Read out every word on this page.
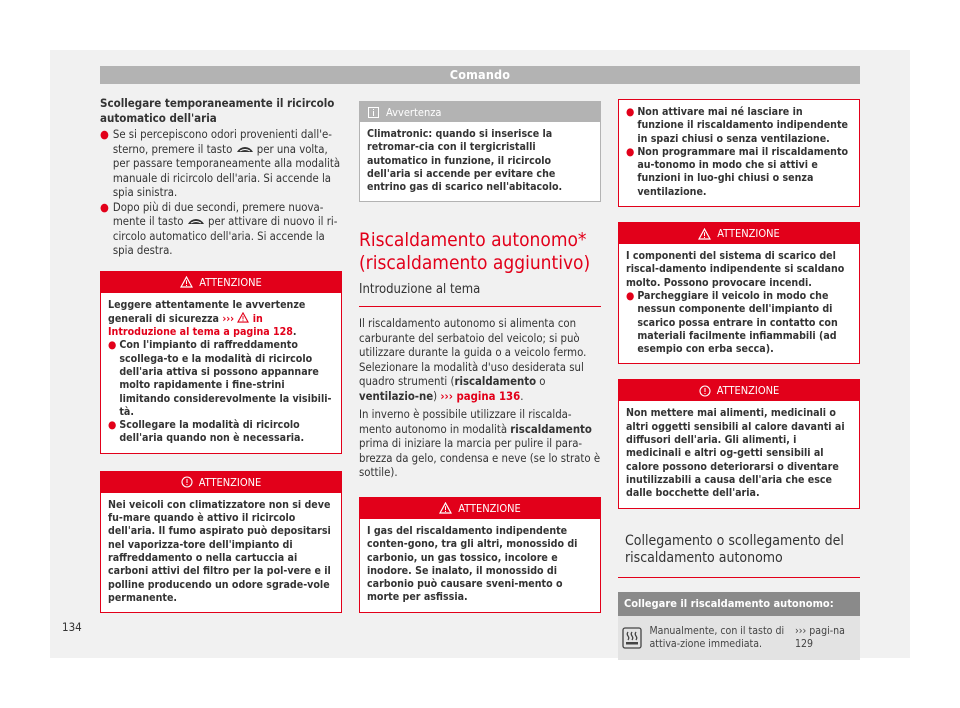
Comando

Scollegare temporaneamente il ricircolo automatico dell'aria

● Se si percepiscono odori provenienti dall'e-sterno, premere il tasto per una volta, per passare temporaneamente alla modalità manuale di ricircolo dell'aria. Si accende la spia sinistra.
● Dopo più di due secondi, premere nuova-mente il tasto per attivare di nuovo il ri-circolo automatico dell'aria. Si accende la spia destra.
ATTENZIONE
Leggere attentamente le avvertenze generali di sicurezza ››› in Introduzione al tema a pagina 128.
● Con l'impianto di raffreddamento scollega-to e la modalità di ricircolo dell'aria attiva si possono appannare molto rapidamente i fine-strini limitando considerevolmente la visibili-tà.
● Scollegare la modalità di ricircolo dell'aria quando non è necessaria.
ATTENZIONE
Nei veicoli con climatizzatore non si deve fu-mare quando è attivo il ricircolo dell'aria. Il fumo aspirato può depositarsi nel vaporizza-tore dell'impianto di raffreddamento o nella cartuccia ai carboni attivi del filtro per la pol-vere e il polline producendo un odore sgrade-vole permanente.
Avvertenza
Climatronic: quando si inserisce la retromar-cia con il tergicristalli automatico in funzione, il ricircolo dell'aria si accende per evitare che entrino gas di scarico nell'abitacolo.

Riscaldamento autonomo* (riscaldamento aggiuntivo)

Introduzione al tema

Il riscaldamento autonomo si alimenta con carburante del serbatoio del veicolo; si può utilizzare durante la guida o a veicolo fermo. Selezionare la modalità d'uso desiderata sul quadro strumenti (riscaldamento o ventilazio-ne) ››› pagina 136.

In inverno è possibile utilizzare il riscalda-mento autonomo in modalità riscaldamento prima di iniziare la marcia per pulire il para-brezza da gelo, condensa e neve (se lo strato è sottile).

ATTENZIONE
I gas del riscaldamento indipendente conten-gono, tra gli altri, monossido di carbonio, un gas tossico, incolore e inodore. Se inalato, il monossido di carbonio può causare sveni-mento o morte per asfissia.
● Non attivare mai né lasciare in funzione il riscaldamento indipendente in spazi chiusi o senza ventilazione.
● Non programmare mai il riscaldamento au-tonomo in modo che si attivi e funzioni in luo-ghi chiusi o senza ventilazione.
ATTENZIONE
I componenti del sistema di scarico del riscal-damento indipendente si scaldano molto. Possono provocare incendi.
● Parcheggiare il veicolo in modo che nessun componente dell'impianto di scarico possa entrare in contatto con materiali facilmente infiammabili (ad esempio con erba secca).
ATTENZIONE
Non mettere mai alimenti, medicinali o altri oggetti sensibili al calore davanti ai diffusori dell'aria. Gli alimenti, i medicinali e altri og-getti sensibili al calore possono deteriorarsi o diventare inutilizzabili a causa dell'aria che esce dalle bocchette dell'aria.

Collegamento o scollegamento del riscaldamento autonomo

Collegare il riscaldamento autonomo:
Manualmente, con il tasto di attiva-zione immediata.
››› pagi-na 129
134
